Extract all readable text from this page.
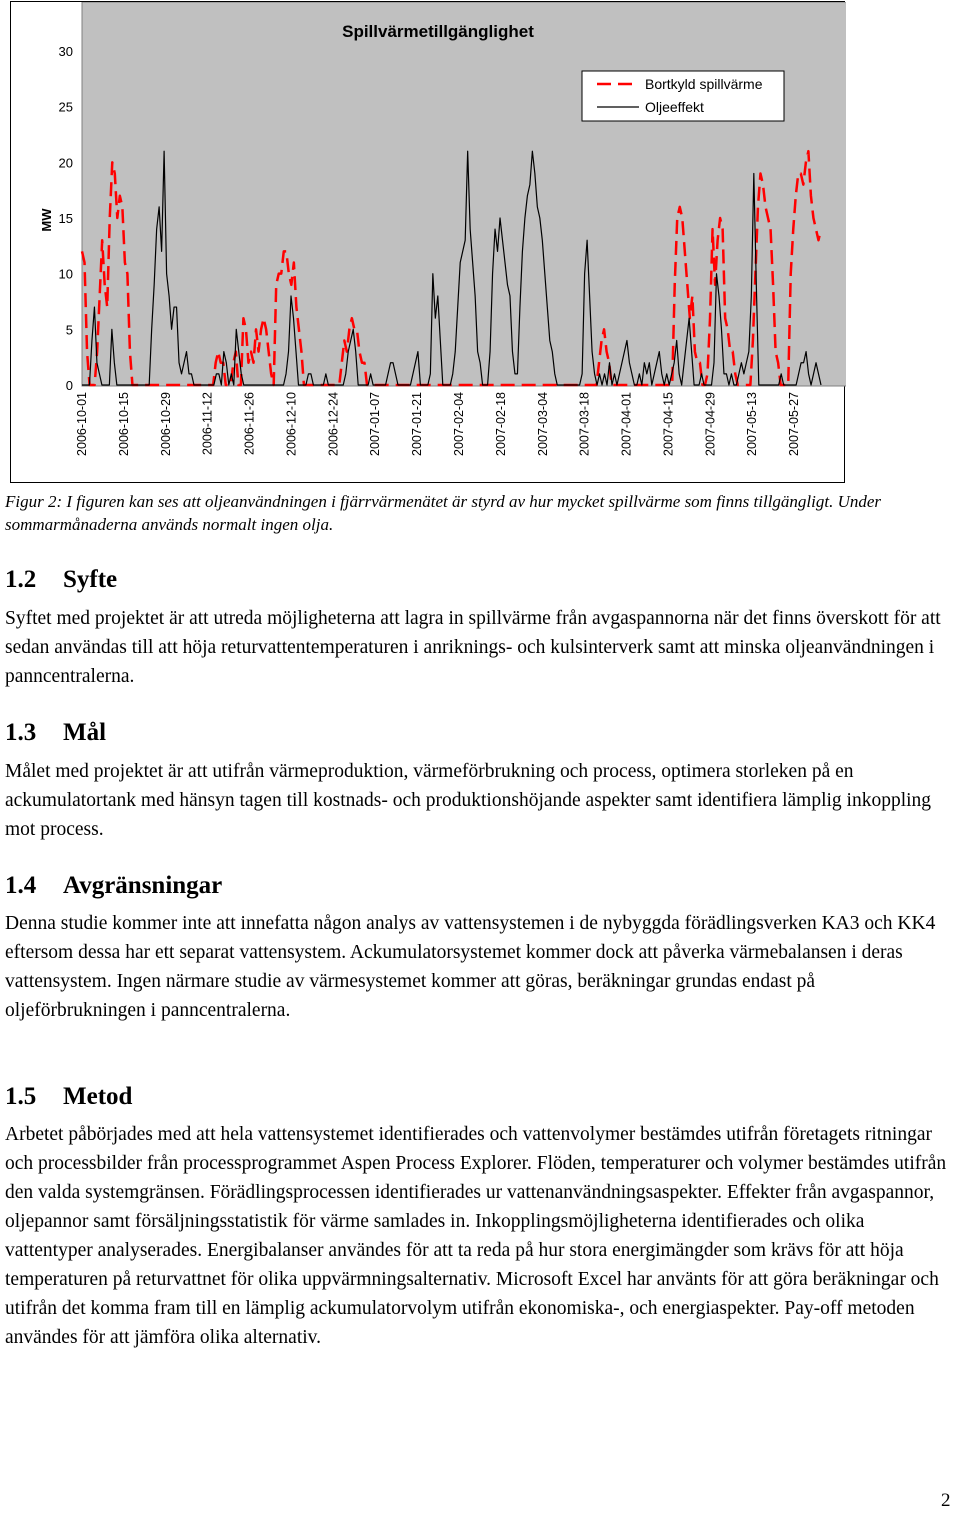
Spillvärmetillgänglighet
MW
0
5
10
15
20
25
30
2006-10-01 2006-10-15 2006-10-29 2006-11-12 2006-11-26 2006-12-10 2006-12-24 2007-01-07 2007-01-21 2007-02-04 2007-02-18 2007-03-04 2007-03-18 2007-04-01 2007-04-15 2007-04-29 2007-05-13 2007-05-27
Bortkyld spillvärme
Oljeeffekt

Figur 2: I figuren kan ses att oljeanvändningen i fjärrvärmenätet är styrd av hur mycket spillvärme som finns tillgängligt. Under sommarmånaderna används normalt ingen olja.

1.2 Syfte

Syftet med projektet är att utreda möjligheterna att lagra in spillvärme från avgaspannorna när det finns överskott för att sedan användas till att höja returvattentemperaturen i anriknings- och kulsinterverk samt att minska oljeanvändningen i panncentralerna.

1.3 Mål

Målet med projektet är att utifrån värmeproduktion, värmeförbrukning och process, optimera storleken på en ackumulatortank med hänsyn tagen till kostnads- och produktionshöjande aspekter samt identifiera lämplig inkoppling mot process.

1.4 Avgränsningar

Denna studie kommer inte att innefatta någon analys av vattensystemen i de nybyggda förädlingsverken KA3 och KK4 eftersom dessa har ett separat vattensystem. Ackumulatorsystemet kommer dock att påverka värmebalansen i deras vattensystem. Ingen närmare studie av värmesystemet kommer att göras, beräkningar grundas endast på oljeförbrukningen i panncentralerna.

1.5 Metod

Arbetet påbörjades med att hela vattensystemet identifierades och vattenvolymer bestämdes utifrån företagets ritningar och processbilder från processprogrammet Aspen Process Explorer. Flöden, temperaturer och volymer bestämdes utifrån den valda systemgränsen. Förädlingsprocessen identifierades ur vattenanvändningsaspekter. Effekter från avgaspannor, oljepannor samt försäljningsstatistik för värme samlades in. Inkopplingsmöjligheterna identifierades och olika vattentyper analyserades. Energibalanser användes för att ta reda på hur stora energimängder som krävs för att höja temperaturen på returvattnet för olika uppvärmningsalternativ. Microsoft Excel har använts för att göra beräkningar och utifrån det komma fram till en lämplig ackumulatorvolym utifrån ekonomiska-, och energiaspekter. Pay-off metoden användes för att jämföra olika alternativ.

2
